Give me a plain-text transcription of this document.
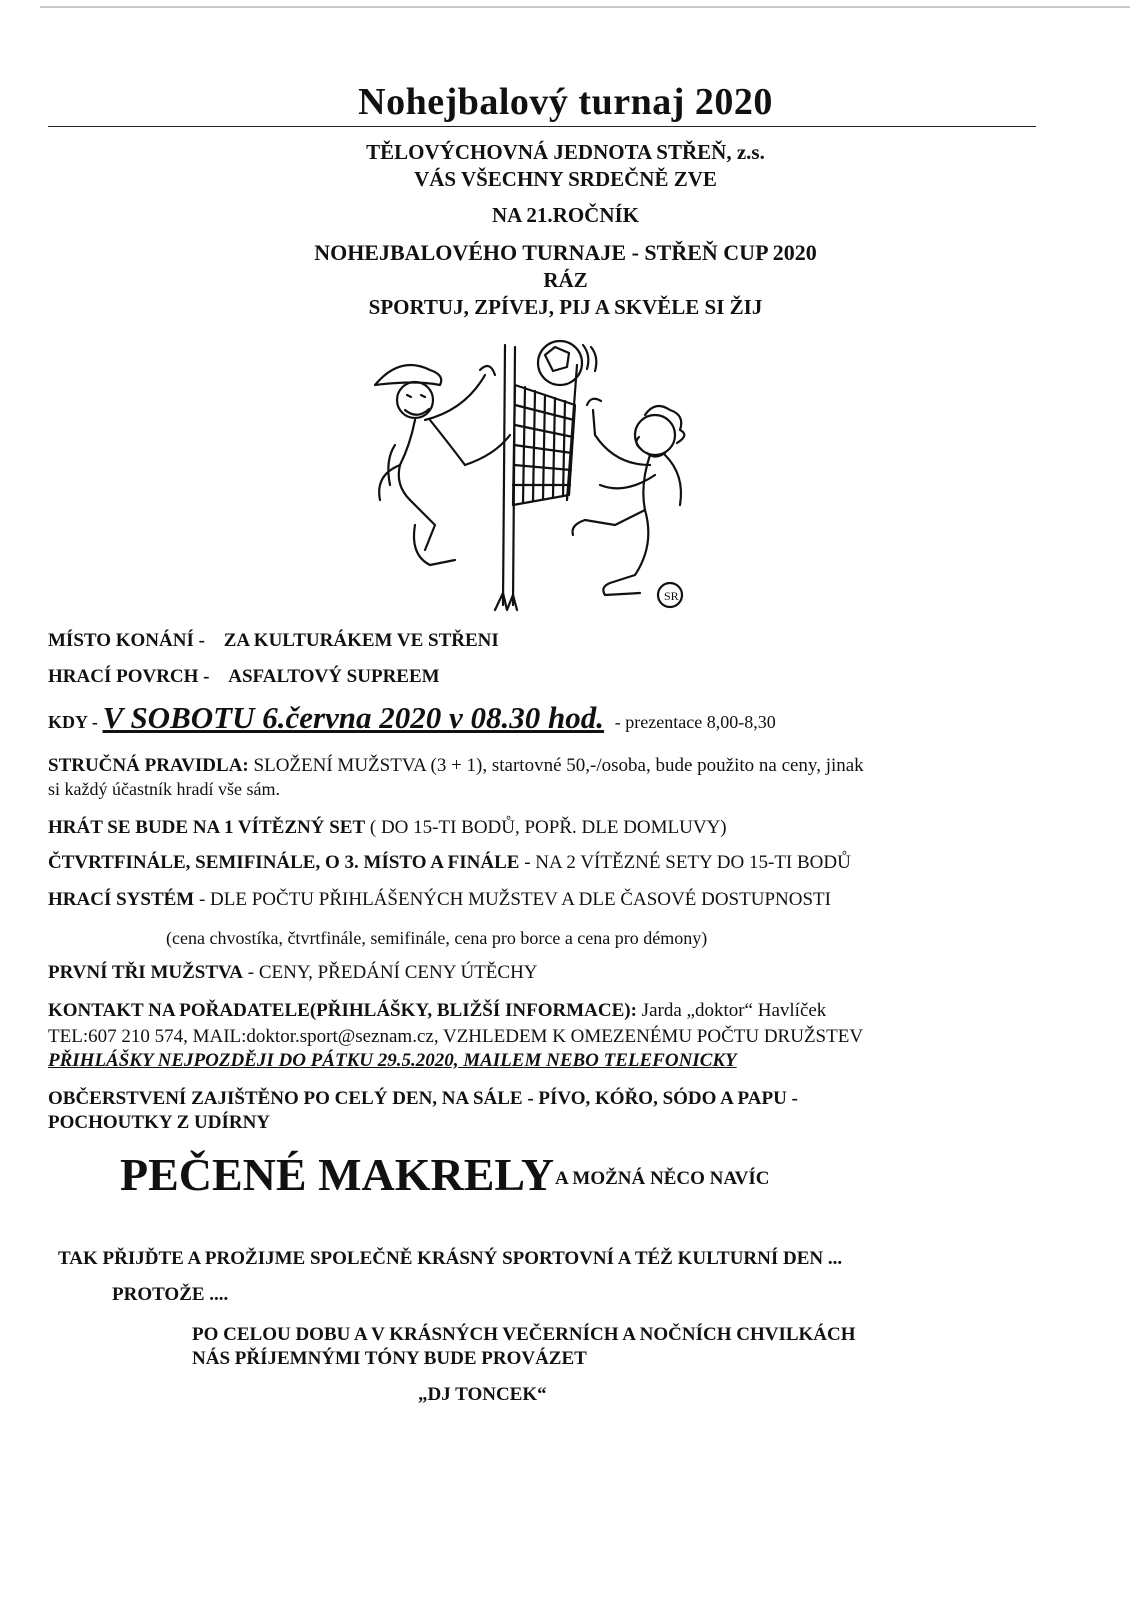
Nohejbalový turnaj 2020
TĚLOVÝCHOVNÁ JEDNOTA STŘEŇ, z.s.
VÁS VŠECHNY SRDEČNĚ ZVE
NA 21.ROČNÍK
NOHEJBALOVÉHO TURNAJE - STŘEŇ CUP 2020
RÁZ
SPORTUJ, ZPÍVEJ, PIJ A SKVĚLE SI ŽIJ
SR
MÍSTO KONÁNÍ - ZA KULTURÁKEM VE STŘENI
HRACÍ POVRCH - ASFALTOVÝ SUPREEM
KDY - V SOBOTU 6.června 2020 v 08.30 hod. - prezentace 8,00-8,30
STRUČNÁ PRAVIDLA: SLOŽENÍ MUŽSTVA (3 + 1), startovné 50,-/osoba, bude použito na ceny, jinak
si každý účastník hradí vše sám.
HRÁT SE BUDE NA 1 VÍTĚZNÝ SET ( DO 15-TI BODŮ, POPŘ. DLE DOMLUVY)
ČTVRTFINÁLE, SEMIFINÁLE, O 3. MÍSTO A FINÁLE - NA 2 VÍTĚZNÉ SETY DO 15-TI BODŮ
HRACÍ SYSTÉM - DLE POČTU PŘIHLÁŠENÝCH MUŽSTEV A DLE ČASOVÉ DOSTUPNOSTI
(cena chvostíka, čtvrtfinále, semifinále, cena pro borce a cena pro démony)
PRVNÍ TŘI MUŽSTVA - CENY, PŘEDÁNÍ CENY ÚTĚCHY
KONTAKT NA POŘADATELE(PŘIHLÁŠKY, BLIŽŠÍ INFORMACE): Jarda „doktor“ Havlíček
TEL:607 210 574, MAIL:doktor.sport@seznam.cz, VZHLEDEM K OMEZENÉMU POČTU DRUŽSTEV
PŘIHLÁŠKY NEJPOZDĚJI DO PÁTKU 29.5.2020, MAILEM NEBO TELEFONICKY
OBČERSTVENÍ ZAJIŠTĚNO PO CELÝ DEN, NA SÁLE - PÍVO, KÓŘO, SÓDO A PAPU -
POCHOUTKY Z UDÍRNY
PEČENÉ MAKRELY A MOŽNÁ NĚCO NAVÍC
TAK PŘIJĎTE A PROŽIJME SPOLEČNĚ KRÁSNÝ SPORTOVNÍ A TÉŽ KULTURNÍ DEN ...
PROTOŽE ....
PO CELOU DOBU A V KRÁSNÝCH VEČERNÍCH A NOČNÍCH CHVILKÁCH
NÁS PŘÍJEMNÝMI TÓNY BUDE PROVÁZET
„DJ TONCEK“
